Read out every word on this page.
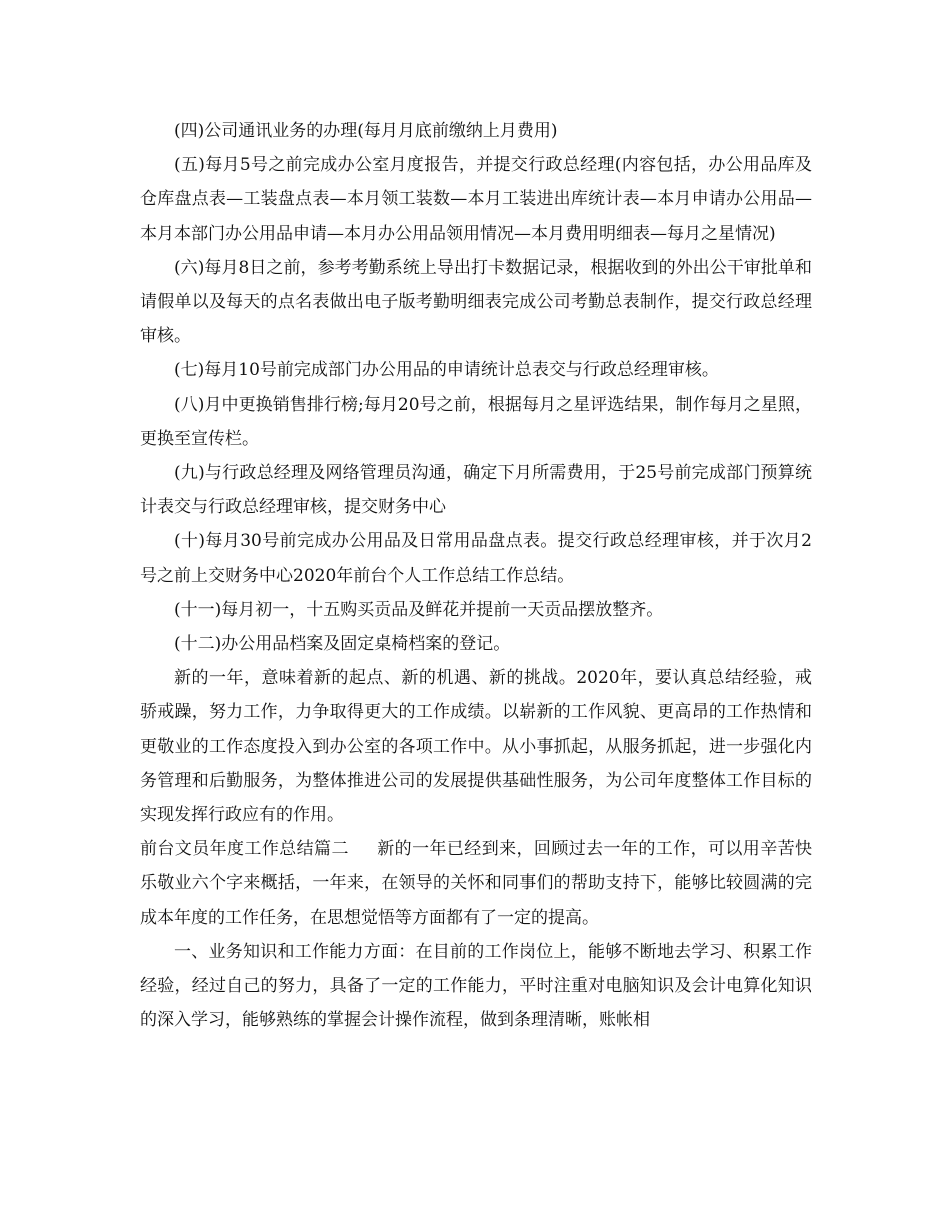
(四)公司通讯业务的办理(每月月底前缴纳上月费用)

(五)每月5号之前完成办公室月度报告，并提交行政总经理(内容包括，办公用品库及仓库盘点表—工装盘点表—本月领工装数—本月工装进出库统计表—本月申请办公用品—本月本部门办公用品申请—本月办公用品领用情况—本月费用明细表—每月之星情况)

(六)每月8日之前，参考考勤系统上导出打卡数据记录，根据收到的外出公干审批单和请假单以及每天的点名表做出电子版考勤明细表完成公司考勤总表制作，提交行政总经理审核。

(七)每月10号前完成部门办公用品的申请统计总表交与行政总经理审核。

(八)月中更换销售排行榜;每月20号之前，根据每月之星评选结果，制作每月之星照，更换至宣传栏。

(九)与行政总经理及网络管理员沟通，确定下月所需费用，于25号前完成部门预算统计表交与行政总经理审核，提交财务中心

(十)每月30号前完成办公用品及日常用品盘点表。提交行政总经理审核，并于次月2号之前上交财务中心2020年前台个人工作总结工作总结。

(十一)每月初一，十五购买贡品及鲜花并提前一天贡品摆放整齐。

(十二)办公用品档案及固定桌椅档案的登记。

新的一年，意味着新的起点、新的机遇、新的挑战。2020年，要认真总结经验，戒骄戒躁，努力工作，力争取得更大的工作成绩。以崭新的工作风貌、更高昂的工作热情和更敬业的工作态度投入到办公室的各项工作中。从小事抓起，从服务抓起，进一步强化内务管理和后勤服务，为整体推进公司的发展提供基础性服务，为公司年度整体工作目标的实现发挥行政应有的作用。

前台文员年度工作总结篇二 新的一年已经到来，回顾过去一年的工作，可以用辛苦快乐敬业六个字来概括，一年来，在领导的关怀和同事们的帮助支持下，能够比较圆满的完成本年度的工作任务，在思想觉悟等方面都有了一定的提高。

一、业务知识和工作能力方面：在目前的工作岗位上，能够不断地去学习、积累工作经验，经过自己的努力，具备了一定的工作能力，平时注重对电脑知识及会计电算化知识的深入学习，能够熟练的掌握会计操作流程，做到条理清晰，账帐相
